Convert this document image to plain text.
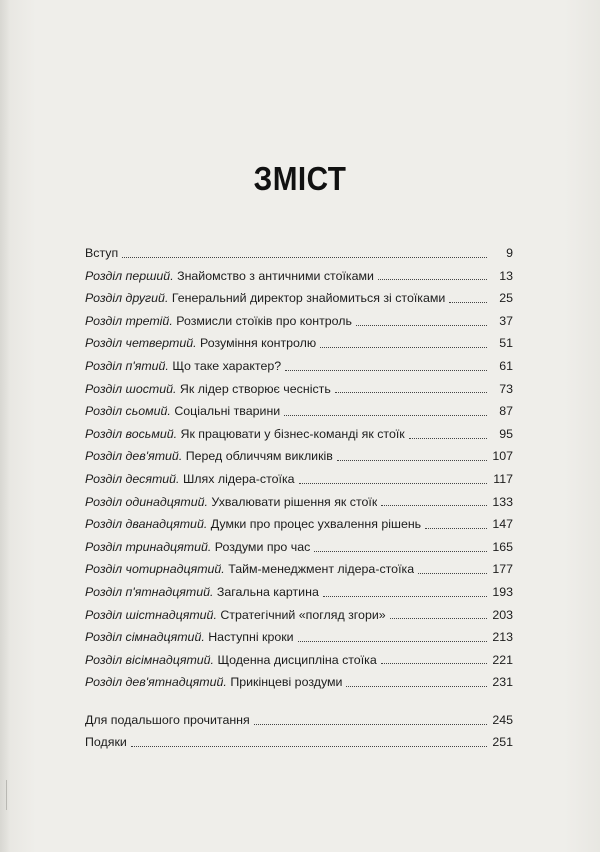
ЗМІСТ
Вступ	9
Розділ перший. Знайомство з античними стоїками	13
Розділ другий. Генеральний директор знайомиться зі стоїками	25
Розділ третій. Розмисли стоїків про контроль	37
Розділ четвертий. Розуміння контролю	51
Розділ п'ятий. Що таке характер?	61
Розділ шостий. Як лідер створює чесність	73
Розділ сьомий. Соціальні тварини	87
Розділ восьмий. Як працювати у бізнес-команді як стоїк	95
Розділ дев'ятий. Перед обличчям викликів	107
Розділ десятий. Шлях лідера-стоїка	117
Розділ одинадцятий. Ухвалювати рішення як стоїк	133
Розділ дванадцятий. Думки про процес ухвалення рішень	147
Розділ тринадцятий. Роздуми про час	165
Розділ чотирнадцятий. Тайм-менеджмент лідера-стоїка	177
Розділ п'ятнадцятий. Загальна картина	193
Розділ шістнадцятий. Стратегічний «погляд згори»	203
Розділ сімнадцятий. Наступні кроки	213
Розділ вісімнадцятий. Щоденна дисципліна стоїка	221
Розділ дев'ятнадцятий. Прикінцеві роздуми	231
Для подальшого прочитання	245
Подяки	251
